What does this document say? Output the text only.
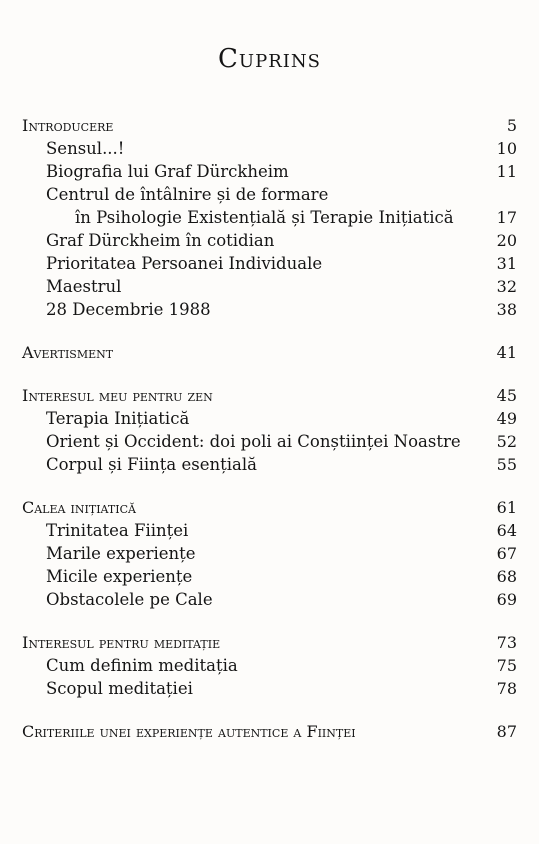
Cuprins
Introducere	5
Sensul...!	10
Biografia lui Graf Dürckheim	11
Centrul de întâlnire și de formare
în Psihologie Existențială și Terapie Inițiatică	17
Graf Dürckheim în cotidian	20
Prioritatea Persoanei Individuale	31
Maestrul	32
28 Decembrie 1988	38
Avertisment	41
Interesul meu pentru zen	45
Terapia Inițiatică	49
Orient și Occident: doi poli ai Conștiinței Noastre 52
Corpul și Ființa esențială	55
Calea inițiatică	61
Trinitatea Ființei	64
Marile experiențe	67
Micile experiențe	68
Obstacolele pe Cale	69
Interesul pentru meditație	73
Cum definim meditația	75
Scopul meditației	78
Criteriile unei experiențe autentice a Ființei	87
